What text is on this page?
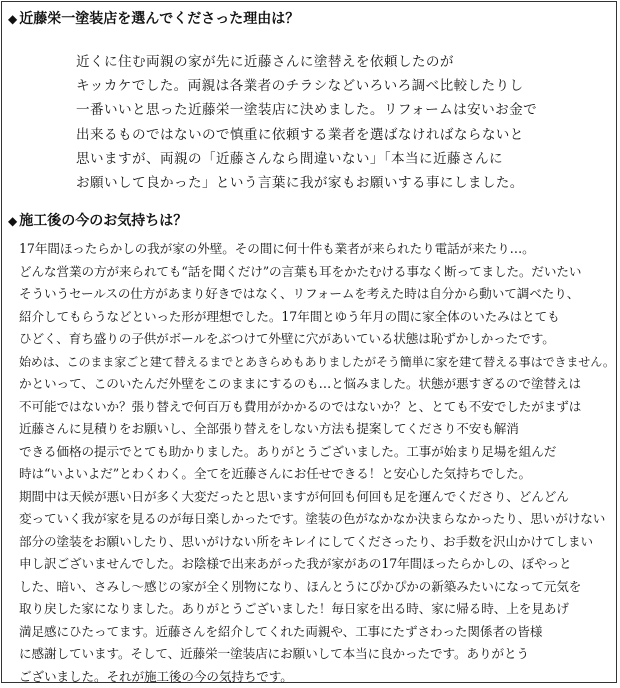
◆ 近藤栄一塗装店を選んでくださった理由は？
近くに住む両親の家が先に近藤さんに塗替えを依頼したのが
キッカケでした。両親は各業者のチラシなどいろいろ調べ比較したりし
一番いいと思った近藤栄一塗装店に決めました。リフォームは安いお金で
出来るものではないので慎重に依頼する業者を選ばなければならないと
思いますが、両親の「近藤さんなら間違いない」「本当に近藤さんに
お願いして良かった」という言葉に我が家もお願いする事にしました。
◆ 施工後の今のお気持ちは？
17年間ほったらかしの我が家の外壁。その間に何十件も業者が来られたり電話が来たり…。
どんな営業の方が来られても“話を聞くだけ”の言葉も耳をかたむける事なく断ってました。だいたい
そういうセールスの仕方があまり好きではなく、リフォームを考えた時は自分から動いて調べたり、
紹介してもらうなどといった形が理想でした。17年間とゆう年月の間に家全体のいたみはとても
ひどく、育ち盛りの子供がボールをぶつけて外壁に穴があいている状態は恥ずかしかったです。
始めは、このまま家ごと建て替えるまでとあきらめもありましたがそう簡単に家を建て替える事はできません。
かといって、このいたんだ外壁をこのままにするのも…と悩みました。状態が悪すぎるので塗替えは
不可能ではないか？張り替えで何百万も費用がかかるのではないか？と、とても不安でしたがまずは
近藤さんに見積りをお願いし、全部張り替えをしない方法も提案してくださり不安も解消
できる価格の提示でとても助かりました。ありがとうございました。工事が始まり足場を組んだ
時は“いよいよだ”とわくわく。全てを近藤さんにお任せできる！と安心した気持ちでした。
期間中は天候が悪い日が多く大変だったと思いますが何回も何回も足を運んでくださり、どんどん
変っていく我が家を見るのが毎日楽しかったです。塗装の色がなかなか決まらなかったり、思いがけない
部分の塗装をお願いしたり、思いがけない所をキレイにしてくださったり、お手数を沢山かけてしまい
申し訳ございませんでした。お陰様で出来あがった我が家があの17年間ほったらかしの、ぼやっと
した、暗い、さみし〜感じの家が全く別物になり、ほんとうにぴかぴかの新築みたいになって元気を
取り戻した家になりました。ありがとうございました！毎日家を出る時、家に帰る時、上を見あげ
満足感にひたってます。近藤さんを紹介してくれた両親や、工事にたずさわった関係者の皆様
に感謝しています。そして、近藤栄一塗装店にお願いして本当に良かったです。ありがとう
ございました。それが施工後の今の気持ちです。
